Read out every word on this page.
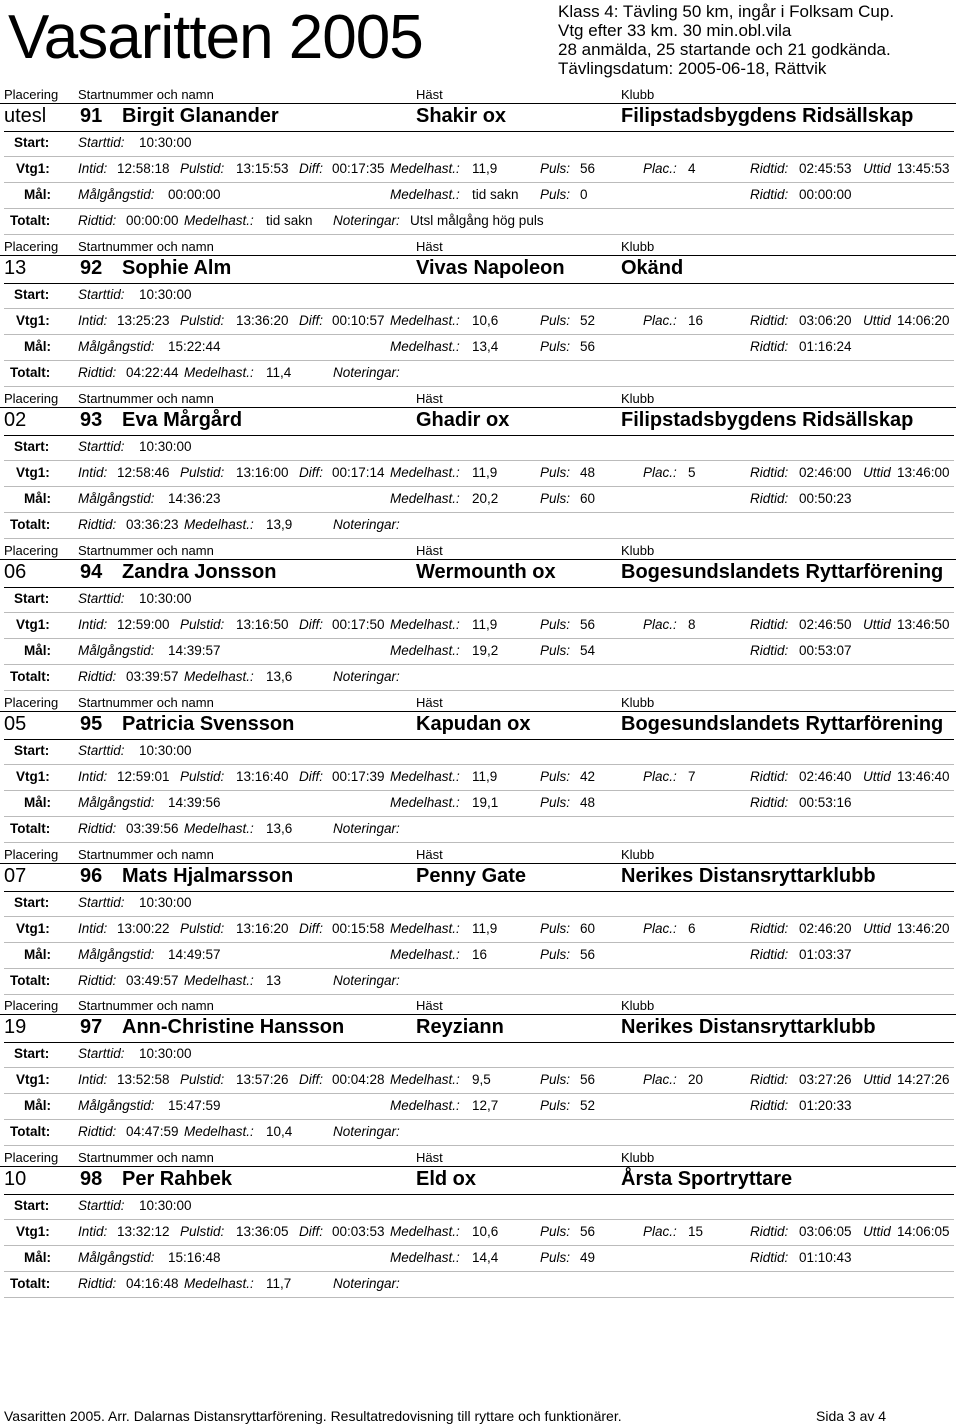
Vasaritten 2005	Klass 4: Tävling 50 km, ingår i Folksam Cup.
Vtg efter 33 km. 30 min.obl.vila
28 anmälda, 25 startande och 21 godkända.
Tävlingsdatum: 2005-06-18, Rättvik
Placering Startnummer och namn	Häst	Klubb
utesl 91 Birgit Glanander	Shakir ox	Filipstadsbygdens Ridsällskap
Start: Starttid: 10:30:00
Vtg1: Intid: 12:58:18 Pulstid: 13:15:53 Diff: 00:17:35 Medelhast.: 11,9	Puls: 56	Plac.: 4	Ridtid: 02:45:53 Uttid 13:45:53
Mål: Målgångstid: 00:00:00	Medelhast.: tid sakn Puls: 0	Ridtid: 00:00:00
Totalt: Ridtid: 00:00:00 Medelhast.: tid sakn Noteringar: Utsl målgång hög puls
Placering Startnummer och namn	Häst	Klubb
13	92 Sophie Alm	Vivas Napoleon	Okänd
Start: Starttid: 10:30:00
Vtg1: Intid: 13:25:23 Pulstid: 13:36:20 Diff: 00:10:57 Medelhast.: 10,6	Puls: 52	Plac.: 16	Ridtid: 03:06:20 Uttid 14:06:20
Mål: Målgångstid: 15:22:44	Medelhast.: 13,4	Puls: 56	Ridtid: 01:16:24
Totalt: Ridtid: 04:22:44 Medelhast.: 11,4	Noteringar:
Placering Startnummer och namn	Häst	Klubb
02	93 Eva Mårgård	Ghadir ox	Filipstadsbygdens Ridsällskap
Start: Starttid: 10:30:00
Vtg1: Intid: 12:58:46 Pulstid: 13:16:00 Diff: 00:17:14 Medelhast.: 11,9	Puls: 48	Plac.: 5	Ridtid: 02:46:00 Uttid 13:46:00
Mål: Målgångstid: 14:36:23	Medelhast.: 20,2	Puls: 60	Ridtid: 00:50:23
Totalt: Ridtid: 03:36:23 Medelhast.: 13,9	Noteringar:
Placering Startnummer och namn	Häst	Klubb
06	94 Zandra Jonsson	Wermounth ox	Bogesundslandets Ryttarförening
Start: Starttid: 10:30:00
Vtg1: Intid: 12:59:00 Pulstid: 13:16:50 Diff: 00:17:50 Medelhast.: 11,9	Puls: 56	Plac.: 8	Ridtid: 02:46:50 Uttid 13:46:50
Mål: Målgångstid: 14:39:57	Medelhast.: 19,2	Puls: 54	Ridtid: 00:53:07
Totalt: Ridtid: 03:39:57 Medelhast.: 13,6	Noteringar:
Placering Startnummer och namn	Häst	Klubb
05	95 Patricia Svensson	Kapudan ox	Bogesundslandets Ryttarförening
Start: Starttid: 10:30:00
Vtg1: Intid: 12:59:01 Pulstid: 13:16:40 Diff: 00:17:39 Medelhast.: 11,9	Puls: 42	Plac.: 7	Ridtid: 02:46:40 Uttid 13:46:40
Mål: Målgångstid: 14:39:56	Medelhast.: 19,1	Puls: 48	Ridtid: 00:53:16
Totalt: Ridtid: 03:39:56 Medelhast.: 13,6	Noteringar:
Placering Startnummer och namn	Häst	Klubb
07	96 Mats Hjalmarsson	Penny Gate	Nerikes Distansryttarklubb
Start: Starttid: 10:30:00
Vtg1: Intid: 13:00:22 Pulstid: 13:16:20 Diff: 00:15:58 Medelhast.: 11,9	Puls: 60	Plac.: 6	Ridtid: 02:46:20 Uttid 13:46:20
Mål: Målgångstid: 14:49:57	Medelhast.: 16	Puls: 56	Ridtid: 01:03:37
Totalt: Ridtid: 03:49:57 Medelhast.: 13	Noteringar:
Placering Startnummer och namn	Häst	Klubb
19	97 Ann-Christine Hansson	Reyziann	Nerikes Distansryttarklubb
Start: Starttid: 10:30:00
Vtg1: Intid: 13:52:58 Pulstid: 13:57:26 Diff: 00:04:28 Medelhast.: 9,5	Puls: 56	Plac.: 20	Ridtid: 03:27:26 Uttid 14:27:26
Mål: Målgångstid: 15:47:59	Medelhast.: 12,7	Puls: 52	Ridtid: 01:20:33
Totalt: Ridtid: 04:47:59 Medelhast.: 10,4	Noteringar:
Placering Startnummer och namn	Häst	Klubb
10	98 Per Rahbek	Eld ox	Årsta Sportryttare
Start: Starttid: 10:30:00
Vtg1: Intid: 13:32:12 Pulstid: 13:36:05 Diff: 00:03:53 Medelhast.: 10,6	Puls: 56	Plac.: 15	Ridtid: 03:06:05 Uttid 14:06:05
Mål: Målgångstid: 15:16:48	Medelhast.: 14,4	Puls: 49	Ridtid: 01:10:43
Totalt: Ridtid: 04:16:48 Medelhast.: 11,7	Noteringar:
Vasaritten 2005. Arr. Dalarnas Distansryttarförening. Resultatredovisning till ryttare och funktionärer.	Sida 3 av 4
